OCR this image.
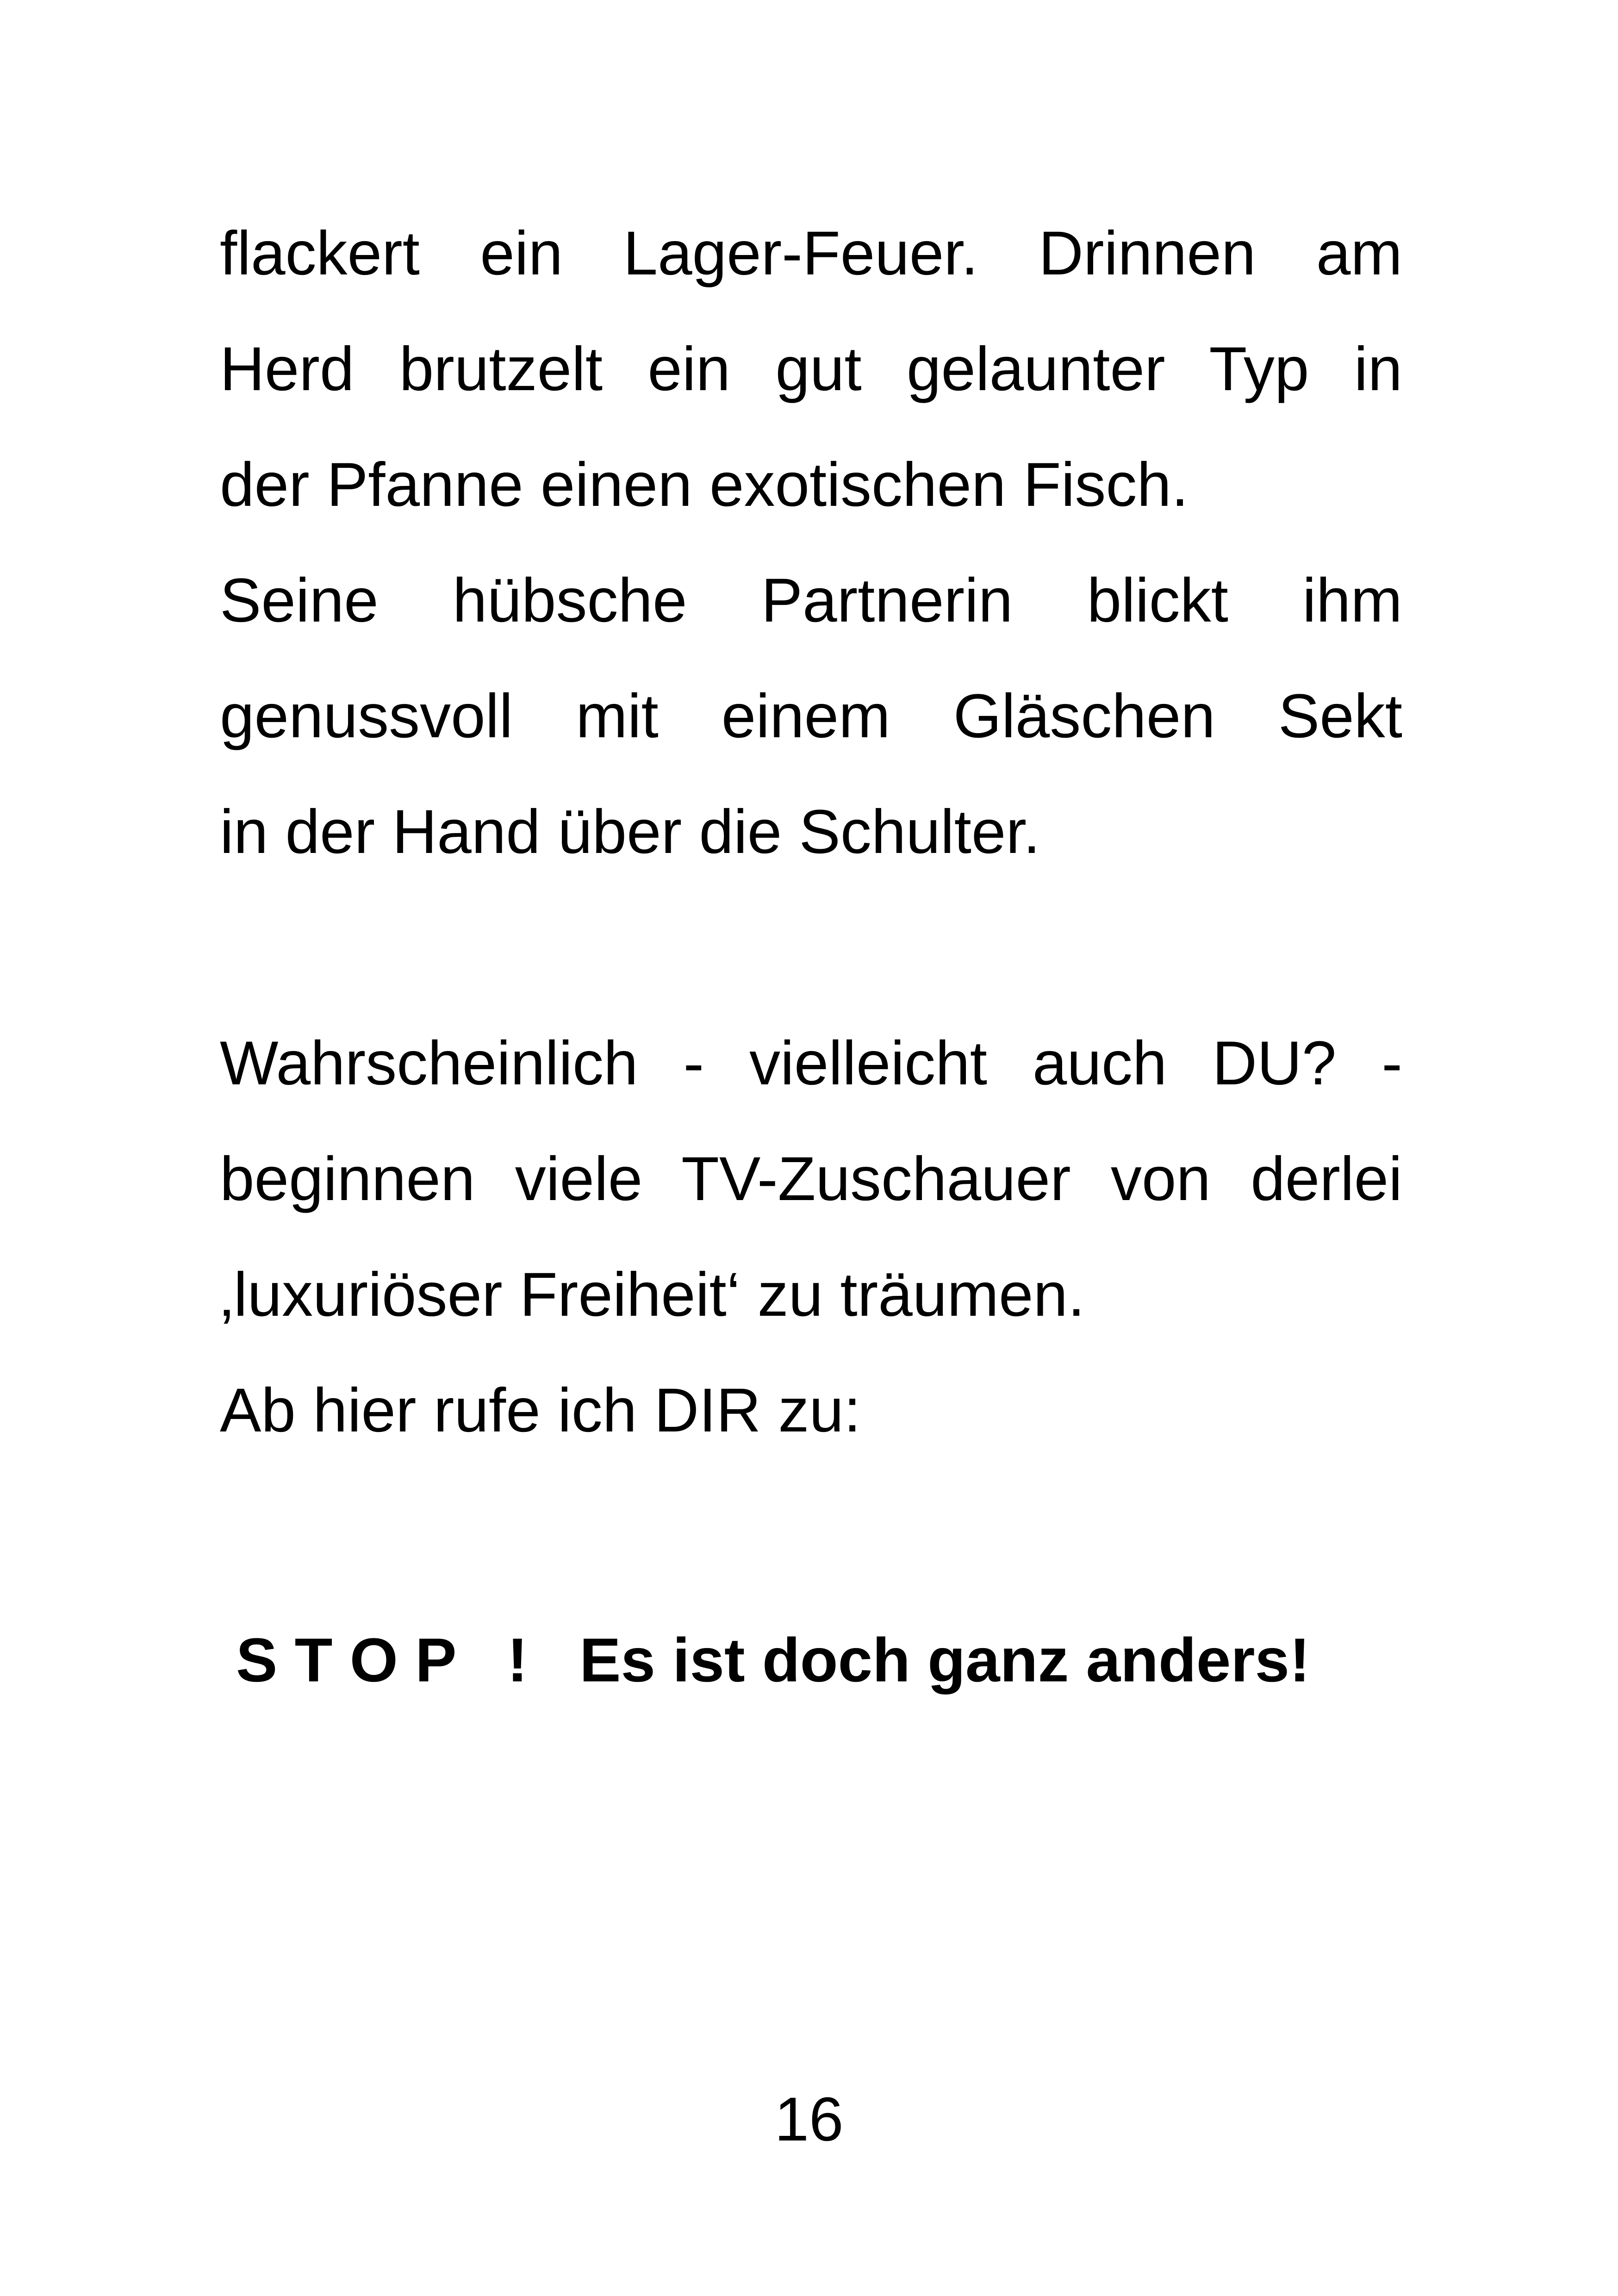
flackert ein Lager-Feuer. Drinnen am
Herd brutzelt ein gut gelaunter Typ in
der Pfanne einen exotischen Fisch.
Seine hübsche Partnerin blickt ihm
genussvoll mit einem Gläschen Sekt
in der Hand über die Schulter.
Wahrscheinlich - vielleicht auch DU? -
beginnen viele TV-Zuschauer von derlei
‚luxuriöser Freiheit‘ zu träumen.
Ab hier rufe ich DIR zu:
S T O P   !   Es ist doch ganz anders!
16
